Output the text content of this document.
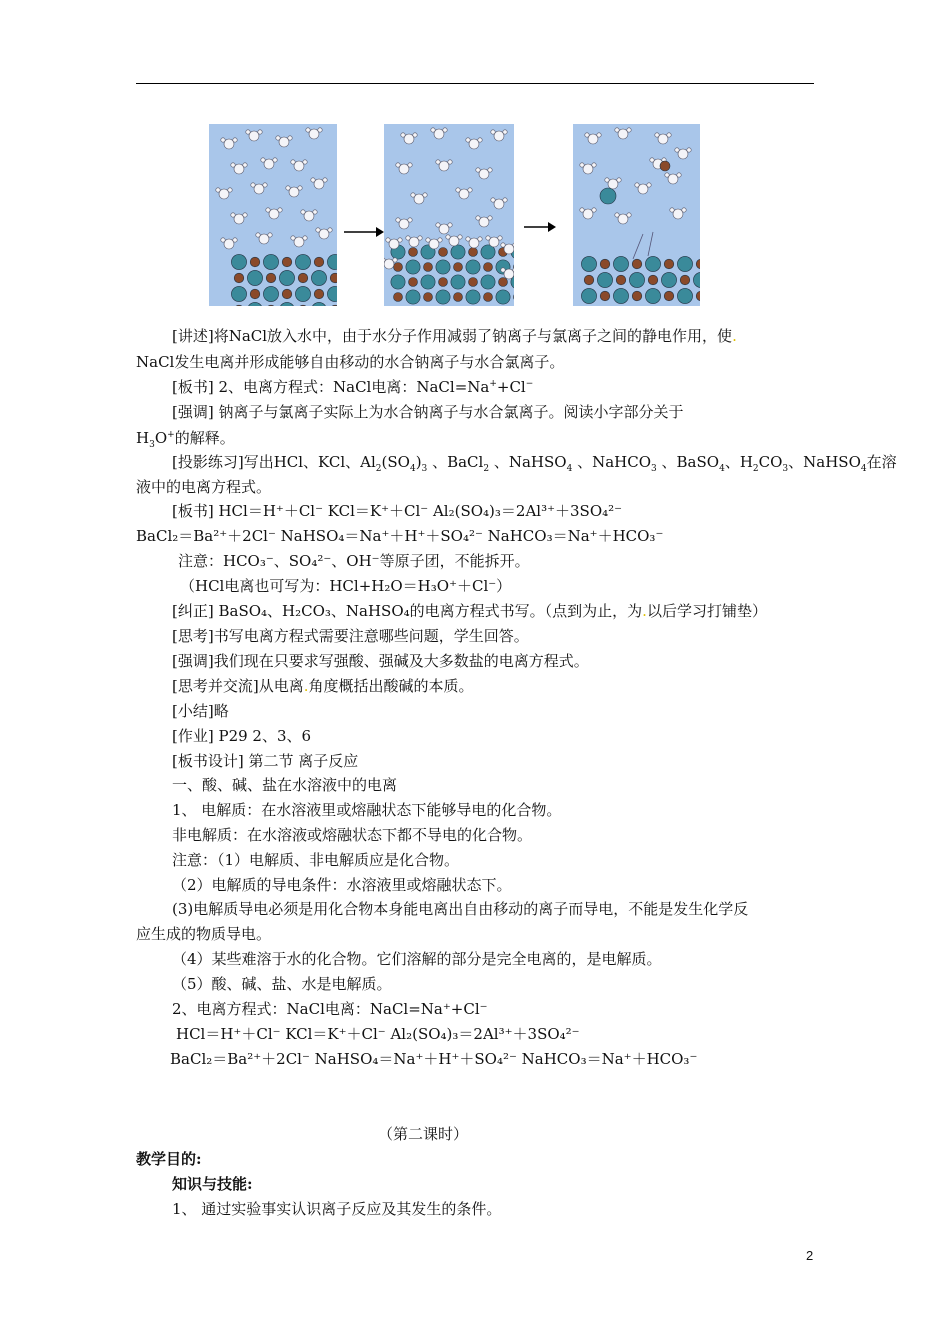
[讲述]将NaCl放入水中，由于水分子作用减弱了钠离子与氯离子之间的静电作用，使.
NaCl发生电离并形成能够自由移动的水合钠离子与水合氯离子。
[板书] 2、电离方程式：NaCl电离：NaCl=Na++Cl−
[强调] 钠离子与氯离子实际上为水合钠离子与水合氯离子。阅读小字部分关于
$H_3O^+$的解释。
[投影练习]写出HCl、KCl、$Al_2(SO_4)_3$ 、BaCl$_2$ 、NaHSO$_4$ 、NaHCO$_3$ 、BaSO$_4$、$H_2CO_3$、NaHSO$_4$在溶
液中的电离方程式。
[板书] HCl＝H⁺＋Cl⁻ KCl＝K⁺＋Cl⁻ Al₂(SO₄)₃＝2Al³⁺＋3SO₄²⁻
BaCl₂＝Ba²⁺＋2Cl⁻ NaHSO₄＝Na⁺＋H⁺＋SO₄²⁻ NaHCO₃＝Na⁺＋HCO₃⁻
注意：HCO₃⁻、SO₄²⁻、OH⁻等原子团，不能拆开。
（HCl电离也可写为：HCl+H₂O＝H₃O⁺＋Cl⁻）
[纠正] BaSO₄、H₂CO₃、NaHSO₄的电离方程式书写。（点到为止，为.以后学习打铺垫）
[思考]书写电离方程式需要注意哪些问题，学生回答。
[强调]我们现在只要求写强酸、强碱及大多数盐的电离方程式。
[思考并交流]从电离.角度概括出酸碱的本质。
[小结]略
[作业] P29 2、3、6
[板书设计] 第二节 离子反应
一、酸、碱、盐在水溶液中的电离
1、 电解质：在水溶液里或熔融状态下能够导电的化合物。
非电解质：在水溶液或熔融状态下都不导电的化合物。
注意：（1）电解质、非电解质应是化合物。
（2）电解质的导电条件：水溶液里或熔融状态下。
(3)电解质导电必须是用化合物本身能电离出自由移动的离子而导电，不能是发生化学反
应生成的物质导电。
（4）某些难溶于水的化合物。它们溶解的部分是完全电离的，是电解质。
（5）酸、碱、盐、水是电解质。
2、电离方程式：NaCl电离：NaCl=Na⁺+Cl⁻
HCl＝H⁺＋Cl⁻ KCl＝K⁺＋Cl⁻ Al₂(SO₄)₃＝2Al³⁺＋3SO₄²⁻
BaCl₂＝Ba²⁺＋2Cl⁻ NaHSO₄＝Na⁺＋H⁺＋SO₄²⁻ NaHCO₃＝Na⁺＋HCO₃⁻
（第二课时）
教学目的:
知识与技能:
1、 通过实验事实认识离子反应及其发生的条件。
2
